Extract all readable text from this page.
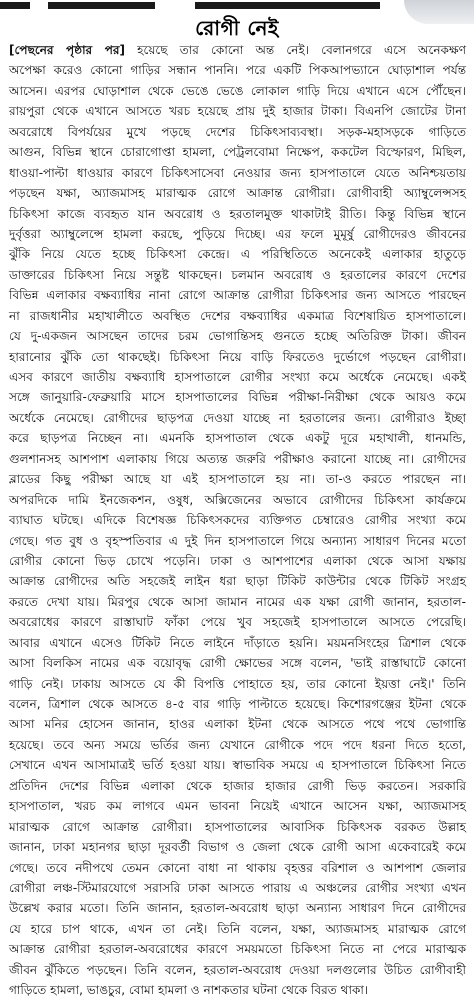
রোগী নেই
[পেছনের পৃষ্ঠার পর] হয়েছে তার কোনো অন্ত নেই। বেলানগরে এসে অনেকক্ষণ
অপেক্ষা করেও কোনো গাড়ির সন্ধান পাননি। পরে একটি পিকআপভ্যানে ঘোড়াশাল পর্যন্ত
আসেন। এরপর ঘোড়াশাল থেকে ভেঙে ভেঙে লোকাল গাড়ি দিয়ে এখানে এসে পৌঁছেন।
রায়পুরা থেকে এখানে আসতে খরচ হয়েছে প্রায় দুই হাজার টাকা। বিএনপি জোটের টানা
অবরোধে বিপর্যয়ের মুখে পড়ছে দেশের চিকিৎসাব্যবস্থা। সড়ক-মহাসড়কে গাড়িতে
আগুন, বিভিন্ন স্থানে চোরাগোপ্তা হামলা, পেট্রলবোমা নিক্ষেপ, ককটেল বিস্ফোরণ, মিছিল,
ধাওয়া-পাল্টা ধাওয়ার কারণে চিকিৎসাসেবা নেওয়ার জন্য হাসপাতালে যেতে অনিশ্চয়তায়
পড়ছেন যক্ষা, অ্যাজমাসহ মারাত্মক রোগে আক্রান্ত রোগীরা। রোগীবাহী অ্যাম্বুলেন্সসহ
চিকিৎসা কাজে ব্যবহৃত যান অবরোধ ও হরতালমুক্ত থাকাটাই রীতি। কিন্তু বিভিন্ন স্থানে
দুর্বৃত্তরা অ্যাম্বুলেন্সে হামলা করছে, পুড়িয়ে দিচ্ছে। এর ফলে মুমূর্ষু রোগীদেরও জীবনের
ঝুঁকি নিয়ে যেতে হচ্ছে চিকিৎসা কেন্দ্রে। এ পরিস্থিতিতে অনেকেই এলাকার হাতুড়ে
ডাক্তারের চিকিৎসা নিয়ে সন্তুষ্ট থাকছেন। চলমান অবরোধ ও হরতালের কারণে দেশের
বিভিন্ন এলাকার বক্ষব্যাধির নানা রোগে আক্রান্ত রোগীরা চিকিৎসার জন্য আসতে পারছেন
না রাজধানীর মহাখালীতে অবস্থিত দেশের বক্ষব্যাধির একমাত্র বিশেষায়িত হাসপাতালে।
যে দু-একজন আসছেন তাদের চরম ভোগান্তিসহ গুনতে হচ্ছে অতিরিক্ত টাকা। জীবন
হারানোর ঝুঁকি তো থাকছেই। চিকিৎসা নিয়ে বাড়ি ফিরতেও দুর্ভোগে পড়ছেন রোগীরা।
এসব কারণে জাতীয় বক্ষব্যাধি হাসপাতালে রোগীর সংখ্যা কমে অর্ধেকে নেমেছে। একই
সঙ্গে জানুয়ারি-ফেব্রুয়ারি মাসে হাসপাতালের বিভিন্ন পরীক্ষা-নিরীক্ষা থেকে আয়ও কমে
অর্ধেকে নেমেছে। রোগীদের ছাড়পত্র দেওয়া যাচ্ছে না হরতালের জন্য। রোগীরাও ইচ্ছা
করে ছাড়পত্র নিচ্ছেন না। এমনকি হাসপাতাল থেকে একটু দূরে মহাখালী, ধানমন্ডি,
গুলশানসহ আশপাশ এলাকায় গিয়ে অত্যন্ত জরুরি পরীক্ষাও করানো যাচ্ছে না। রোগীদের
ব্লাডের কিছু পরীক্ষা আছে যা এই হাসপাতালে হয় না। তা-ও করতে পারছেন না।
অপরদিকে দামি ইনজেকশন, ওষুধ, অক্সিজেনের অভাবে রোগীদের চিকিৎসা কার্যক্রমে
ব্যাঘাত ঘটছে। এদিকে বিশেষজ্ঞ চিকিৎসকদের ব্যক্তিগত চেম্বারেও রোগীর সংখ্যা কমে
গেছে। গত বুধ ও বৃহস্পতিবার এ দুই দিন হাসপাতালে গিয়ে অন্যান্য সাধারণ দিনের মতো
রোগীর কোনো ভিড় চোখে পড়েনি। ঢাকা ও আশপাশের এলাকা থেকে আসা যক্ষায়
আক্রান্ত রোগীদের অতি সহজেই লাইন ধরা ছাড়া টিকিট কাউন্টার থেকে টিকিট সংগ্রহ
করতে দেখা যায়। মিরপুর থেকে আসা জামান নামের এক যক্ষা রোগী জানান, হরতাল-
অবরোধের কারণে রাস্তাঘাট ফাঁকা পেয়ে খুব সহজেই হাসপাতালে আসতে পেরেছি।
আবার এখানে এসেও টিকিট নিতে লাইনে দাঁড়াতে হয়নি। ময়মনসিংহের ত্রিশাল থেকে
আসা বিলকিস নামের এক বয়োবৃদ্ধ রোগী ক্ষোভের সঙ্গে বলেন, 'ভাই রাস্তাঘাটে কোনো
গাড়ি নেই। ঢাকায় আসতে যে কী বিপত্তি পোহাতে হয়, তার কোনো ইয়ত্তা নেই।' তিনি
বলেন, ত্রিশাল থেকে আসতে ৪-৫ বার গাড়ি পাল্টাতে হয়েছে। কিশোরগঞ্জের ইটনা থেকে
আসা মনির হোসেন জানান, হাওর এলাকা ইটনা থেকে আসতে পথে পথে ভোগান্তি
হয়েছে। তবে অন্য সময়ে ভর্তির জন্য যেখানে রোগীকে পদে পদে ধরনা দিতে হতো,
সেখানে এখন আসামাত্রই ভর্তি হওয়া যায়। স্বাভাবিক সময়ে এ হাসপাতালে চিকিৎসা নিতে
প্রতিদিন দেশের বিভিন্ন এলাকা থেকে হাজার হাজার রোগী ভিড় করতেন। সরকারি
হাসপাতাল, খরচ কম লাগবে এমন ভাবনা নিয়েই এখানে আসেন যক্ষা, অ্যাজমাসহ
মারাত্মক রোগে আক্রান্ত রোগীরা। হাসপাতালের আবাসিক চিকিৎসক বরকত উল্লাহ
জানান, ঢাকা মহানগর ছাড়া দূরবর্তী বিভাগ ও জেলা থেকে রোগী আসা একেবারেই কমে
গেছে। তবে নদীপথে তেমন কোনো বাধা না থাকায় বৃহত্তর বরিশাল ও আশপাশ জেলার
রোগীরা লঞ্চ-স্টিমারযোগে সরাসরি ঢাকা আসতে পারায় এ অঞ্চলের রোগীর সংখ্যা এখন
উল্লেখ করার মতো। তিনি জানান, হরতাল-অবরোধ ছাড়া অন্যান্য সাধারণ দিনে রোগীদের
যে হারে চাপ থাকে, এখন তা নেই। তিনি বলেন, যক্ষা, অ্যাজমাসহ মারাত্মক রোগে
আক্রান্ত রোগীরা হরতাল-অবরোধের কারণে সময়মতো চিকিৎসা নিতে না পেরে মারাত্মক
জীবন ঝুঁকিতে পড়ছেন। তিনি বলেন, হরতাল-অবরোধ দেওয়া দলগুলোর উচিত রোগীবাহী
গাড়িতে হামলা, ভাঙচুর, বোমা হামলা ও নাশকতার ঘটনা থেকে বিরত থাকা।
